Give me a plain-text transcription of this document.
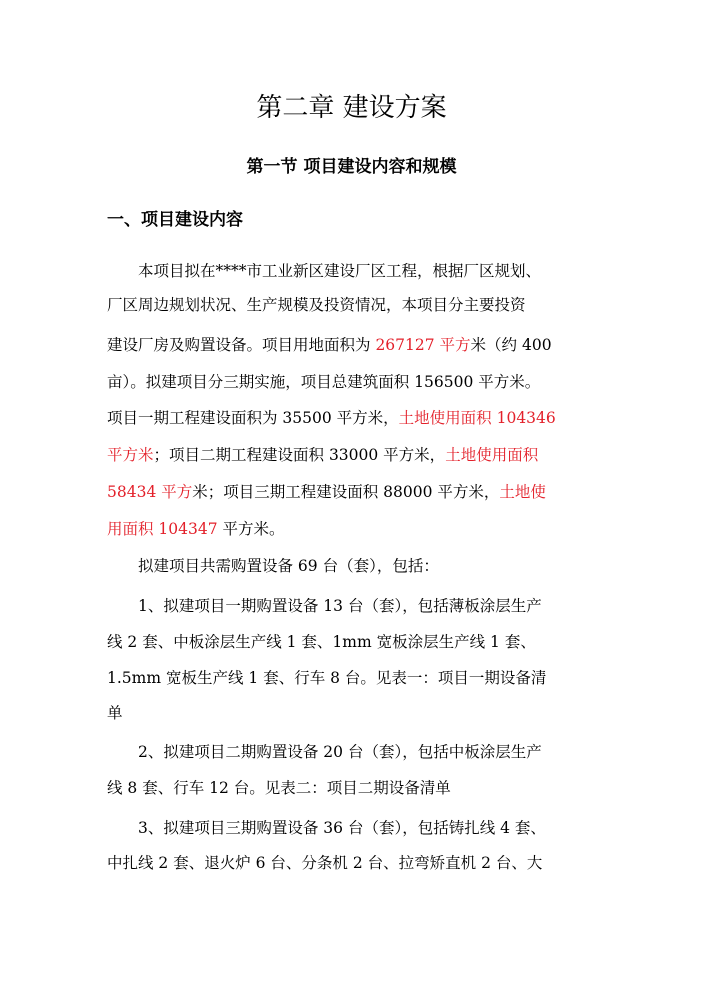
第二章 建设方案
第一节 项目建设内容和规模
一、项目建设内容
本项目拟在****市工业新区建设厂区工程，根据厂区规划、
厂区周边规划状况、生产规模及投资情况，本项目分主要投资
建设厂房及购置设备。项目用地面积为 267127 平方米（约 400
亩）。拟建项目分三期实施，项目总建筑面积 156500 平方米。
项目一期工程建设面积为 35500 平方米，土地使用面积 104346
平方米；项目二期工程建设面积 33000 平方米，土地使用面积
58434 平方米；项目三期工程建设面积 88000 平方米，土地使
用面积 104347 平方米。
拟建项目共需购置设备 69 台（套），包括：
1、拟建项目一期购置设备 13 台（套），包括薄板涂层生产
线 2 套、中板涂层生产线 1 套、1mm 宽板涂层生产线 1 套、
1.5mm 宽板生产线 1 套、行车 8 台。见表一：项目一期设备清
单
2、拟建项目二期购置设备 20 台（套），包括中板涂层生产
线 8 套、行车 12 台。见表二：项目二期设备清单
3、拟建项目三期购置设备 36 台（套），包括铸扎线 4 套、
中扎线 2 套、退火炉 6 台、分条机 2 台、拉弯矫直机 2 台、大
